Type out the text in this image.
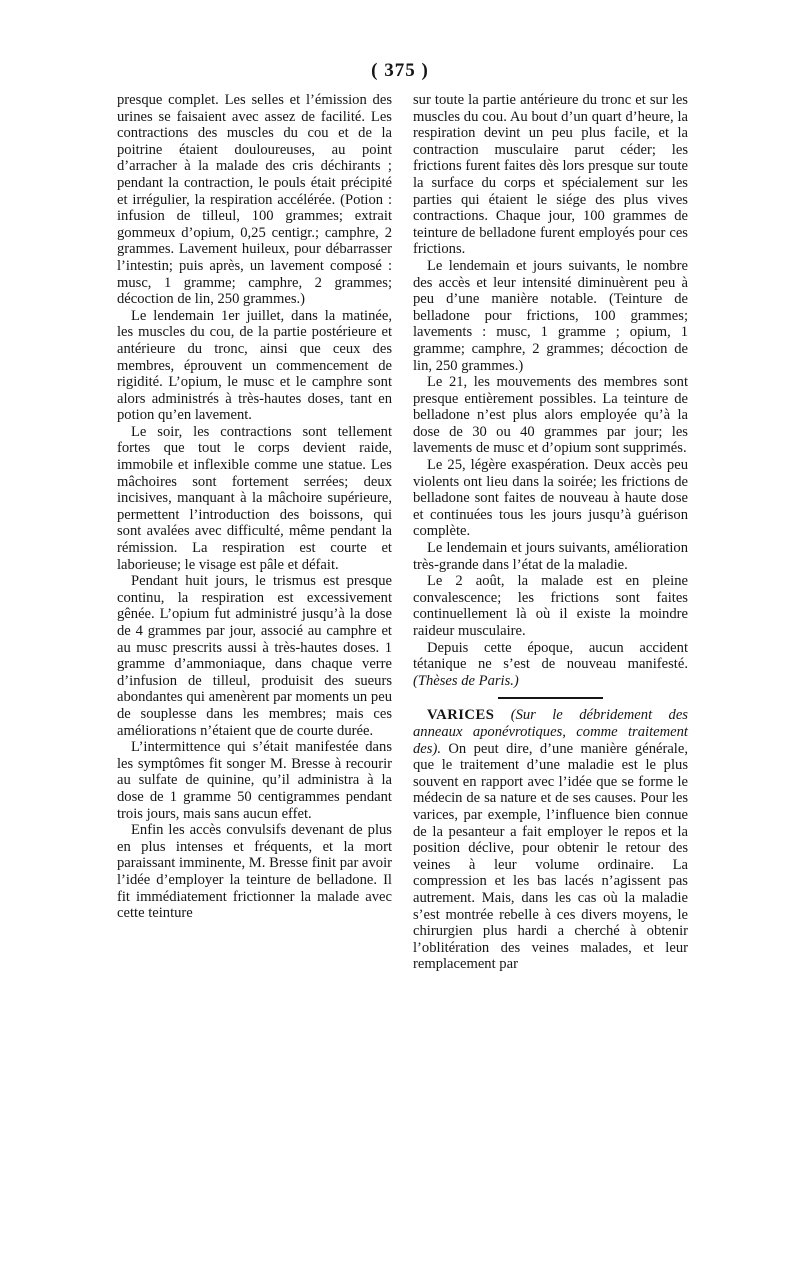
( 375 )

presque complet. Les selles et l’émission des urines se faisaient avec assez de facilité. Les contractions des muscles du cou et de la poitrine étaient douloureuses, au point d’arracher à la malade des cris déchirants ; pendant la contraction, le pouls était précipité et irrégulier, la respiration accélérée. (Potion : infusion de tilleul, 100 grammes; extrait gommeux d’opium, 0,25 centigr.; camphre, 2 grammes. Lavement huileux, pour débarrasser l’intestin; puis après, un lavement composé : musc, 1 gramme; camphre, 2 grammes; décoction de lin, 250 grammes.)

Le lendemain 1er juillet, dans la matinée, les muscles du cou, de la partie postérieure et antérieure du tronc, ainsi que ceux des membres, éprouvent un commencement de rigidité. L’opium, le musc et le camphre sont alors administrés à très-hautes doses, tant en potion qu’en lavement.

Le soir, les contractions sont tellement fortes que tout le corps devient raide, immobile et inflexible comme une statue. Les mâchoires sont fortement serrées; deux incisives, manquant à la mâchoire supérieure, permettent l’introduction des boissons, qui sont avalées avec difficulté, même pendant la rémission. La respiration est courte et laborieuse; le visage est pâle et défait.

Pendant huit jours, le trismus est presque continu, la respiration est excessivement gênée. L’opium fut administré jusqu’à la dose de 4 grammes par jour, associé au camphre et au musc prescrits aussi à très-hautes doses. 1 gramme d’ammoniaque, dans chaque verre d’infusion de tilleul, produisit des sueurs abondantes qui amenèrent par moments un peu de souplesse dans les membres; mais ces améliorations n’étaient que de courte durée.

L’intermittence qui s’était manifestée dans les symptômes fit songer M. Bresse à recourir au sulfate de quinine, qu’il administra à la dose de 1 gramme 50 centigrammes pendant trois jours, mais sans aucun effet.

Enfin les accès convulsifs devenant de plus en plus intenses et fréquents, et la mort paraissant imminente, M. Bresse finit par avoir l’idée d’employer la teinture de belladone. Il fit immédiatement frictionner la malade avec cette teinture

sur toute la partie antérieure du tronc et sur les muscles du cou. Au bout d’un quart d’heure, la respiration devint un peu plus facile, et la contraction musculaire parut céder; les frictions furent faites dès lors presque sur toute la surface du corps et spécialement sur les parties qui étaient le siége des plus vives contractions. Chaque jour, 100 grammes de teinture de belladone furent employés pour ces frictions.

Le lendemain et jours suivants, le nombre des accès et leur intensité diminuèrent peu à peu d’une manière notable. (Teinture de belladone pour frictions, 100 grammes; lavements : musc, 1 gramme ; opium, 1 gramme; camphre, 2 grammes; décoction de lin, 250 grammes.)

Le 21, les mouvements des membres sont presque entièrement possibles. La teinture de belladone n’est plus alors employée qu’à la dose de 30 ou 40 grammes par jour; les lavements de musc et d’opium sont supprimés.

Le 25, légère exaspération. Deux accès peu violents ont lieu dans la soirée; les frictions de belladone sont faites de nouveau à haute dose et continuées tous les jours jusqu’à guérison complète.

Le lendemain et jours suivants, amélioration très-grande dans l’état de la maladie.

Le 2 août, la malade est en pleine convalescence; les frictions sont faites continuellement là où il existe la moindre raideur musculaire.

Depuis cette époque, aucun accident tétanique ne s’est de nouveau manifesté. (Thèses de Paris.)

VARICES (Sur le débridement des anneaux aponévrotiques, comme traitement des). On peut dire, d’une manière générale, que le traitement d’une maladie est le plus souvent en rapport avec l’idée que se forme le médecin de sa nature et de ses causes. Pour les varices, par exemple, l’influence bien connue de la pesanteur a fait employer le repos et la position déclive, pour obtenir le retour des veines à leur volume ordinaire. La compression et les bas lacés n’agissent pas autrement. Mais, dans les cas où la maladie s’est montrée rebelle à ces divers moyens, le chirurgien plus hardi a cherché à obtenir l’oblitération des veines malades, et leur remplacement par
